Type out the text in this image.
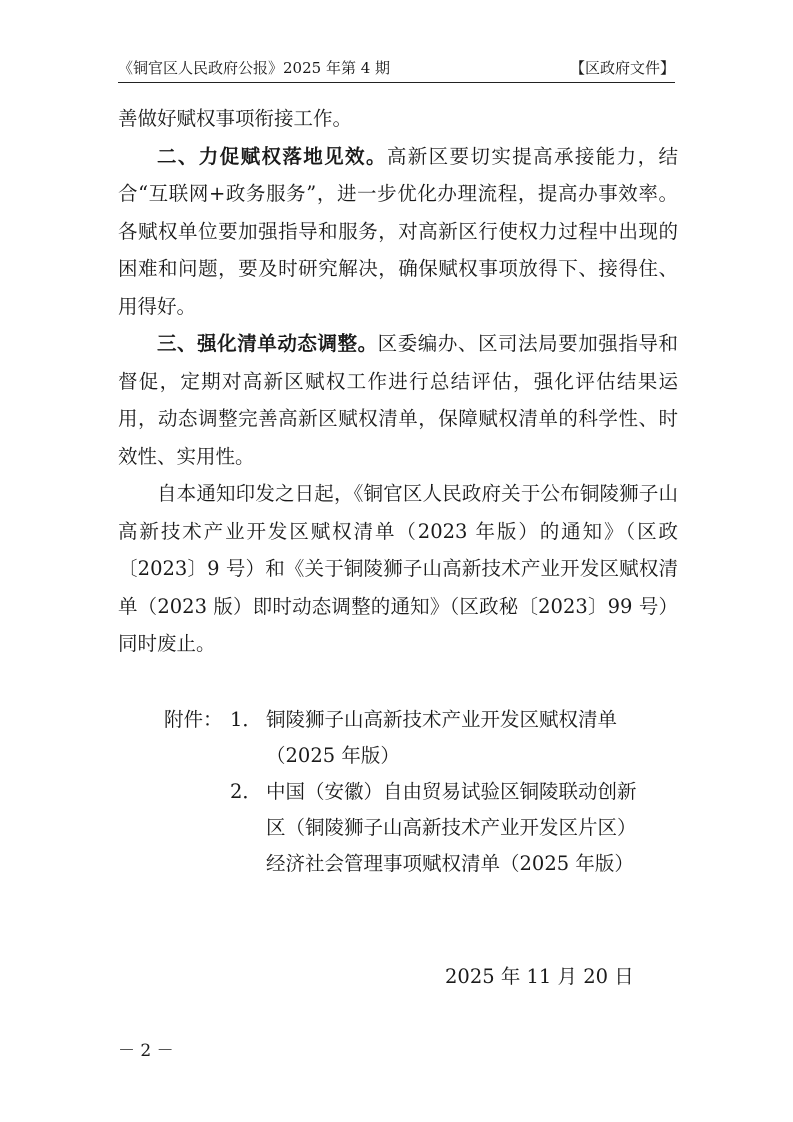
《铜官区人民政府公报》2025 年第 4 期	【区政府文件】

善做好赋权事项衔接工作。

二、力促赋权落地见效。高新区要切实提高承接能力，结合“互联网+政务服务”，进一步优化办理流程，提高办事效率。各赋权单位要加强指导和服务，对高新区行使权力过程中出现的困难和问题，要及时研究解决，确保赋权事项放得下、接得住、用得好。

三、强化清单动态调整。区委编办、区司法局要加强指导和督促，定期对高新区赋权工作进行总结评估，强化评估结果运用，动态调整完善高新区赋权清单，保障赋权清单的科学性、时效性、实用性。

自本通知印发之日起，《铜官区人民政府关于公布铜陵狮子山高新技术产业开发区赋权清单（2023 年版）的通知》（区政〔2023〕9 号）和《关于铜陵狮子山高新技术产业开发区赋权清单（2023 版）即时动态调整的通知》（区政秘〔2023〕99 号）同时废止。

附件： 1． 铜陵狮子山高新技术产业开发区赋权清单
（2025 年版）
2． 中国（安徽）自由贸易试验区铜陵联动创新
区（铜陵狮子山高新技术产业开发区片区）
经济社会管理事项赋权清单（2025 年版）
2025 年 11 月 20 日
－ 2 －
